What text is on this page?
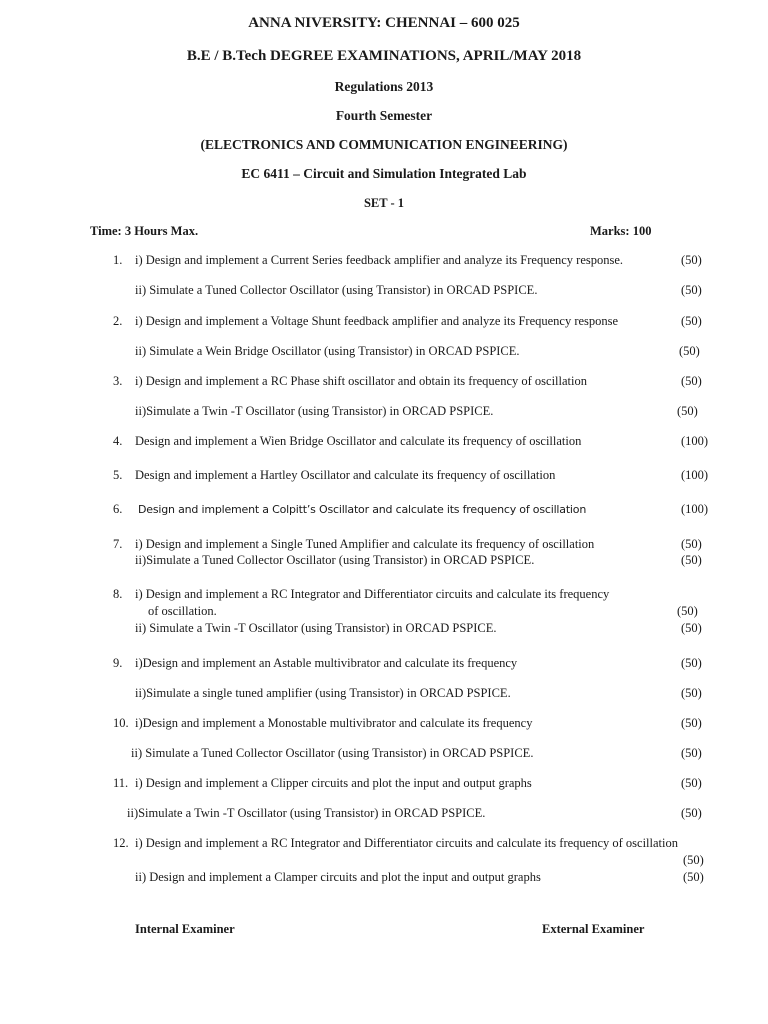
ANNA NIVERSITY: CHENNAI – 600 025
B.E / B.Tech DEGREE EXAMINATIONS, APRIL/MAY 2018
Regulations 2013
Fourth Semester
(ELECTRONICS AND COMMUNICATION ENGINEERING)
EC 6411 – Circuit and Simulation Integrated Lab
SET - 1
Time: 3 Hours Max.	Marks: 100
1. i) Design and implement a Current Series feedback amplifier and analyze its Frequency response.	(50)
ii) Simulate a Tuned Collector Oscillator (using Transistor) in ORCAD PSPICE.	(50)
2. i) Design and implement a Voltage Shunt feedback amplifier and analyze its Frequency response	(50)
ii) Simulate a Wein Bridge Oscillator (using Transistor) in ORCAD PSPICE.	(50)
3. i) Design and implement a RC Phase shift oscillator and obtain its frequency of oscillation	(50)
ii)Simulate a Twin -T Oscillator (using Transistor) in ORCAD PSPICE.	(50)
4. Design and implement a Wien Bridge Oscillator and calculate its frequency of oscillation	(100)
5. Design and implement a Hartley Oscillator and calculate its frequency of oscillation	(100)
6. Design and implement a Colpitt’s Oscillator and calculate its frequency of oscillation	(100)
7. i) Design and implement a Single Tuned Amplifier and calculate its frequency of oscillation	(50)
ii)Simulate a Tuned Collector Oscillator (using Transistor) in ORCAD PSPICE.	(50)
8. i) Design and implement a RC Integrator and Differentiator circuits and calculate its frequency
of oscillation.	(50)
ii) Simulate a Twin -T Oscillator (using Transistor) in ORCAD PSPICE.	(50)
9. i)Design and implement an Astable multivibrator and calculate its frequency	(50)
ii)Simulate a single tuned amplifier (using Transistor) in ORCAD PSPICE.	(50)
10. i)Design and implement a Monostable multivibrator and calculate its frequency	(50)
ii) Simulate a Tuned Collector Oscillator (using Transistor) in ORCAD PSPICE.	(50)
11. i) Design and implement a Clipper circuits and plot the input and output graphs	(50)
ii)Simulate a Twin -T Oscillator (using Transistor) in ORCAD PSPICE.	(50)
12. i) Design and implement a RC Integrator and Differentiator circuits and calculate its frequency of oscillation
(50)
ii) Design and implement a Clamper circuits and plot the input and output graphs	(50)
Internal Examiner	External Examiner
